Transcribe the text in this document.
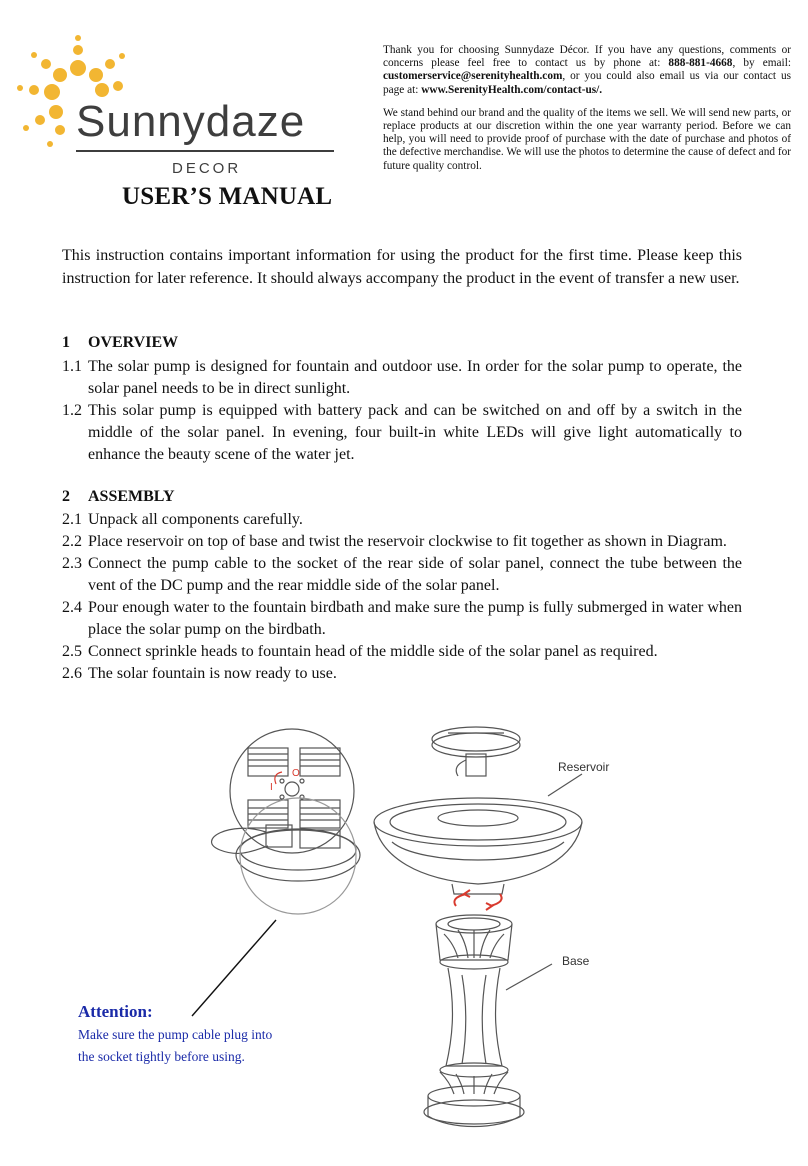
Sunnydaze

DECOR

Thank you for choosing Sunnydaze Décor. If you have any questions, comments or concerns please feel free to contact us by phone at: 888-881-4668, by email: customerservice@serenityhealth.com, or you could also email us via our contact us page at: www.SerenityHealth.com/contact-us/.

We stand behind our brand and the quality of the items we sell. We will send new parts, or replace products at our discretion within the one year warranty period. Before we can help, you will need to provide proof of purchase with the date of purchase and photos of the defective merchandise. We will use the photos to determine the cause of defect and for future quality control.

USER’S MANUAL

This instruction contains important information for using the product for the first time. Please keep this instruction for later reference. It should always accompany the product in the event of transfer a new user.

1 OVERVIEW

1.1 The solar pump is designed for fountain and outdoor use. In order for the solar pump to operate, the solar panel needs to be in direct sunlight.
1.2 This solar pump is equipped with battery pack and can be switched on and off by a switch in the middle of the solar panel. In evening, four built-in white LEDs will give light automatically to enhance the beauty scene of the water jet.

2 ASSEMBLY

2.1 Unpack all components carefully.
2.2 Place reservoir on top of base and twist the reservoir clockwise to fit together as shown in Diagram.
2.3 Connect the pump cable to the socket of the rear side of solar panel, connect the tube between the vent of the DC pump and the rear middle side of the solar panel.
2.4 Pour enough water to the fountain birdbath and make sure the pump is fully submerged in water when place the solar pump on the birdbath.
2.5 Connect sprinkle heads to fountain head of the middle side of the solar panel as required.
2.6 The solar fountain is now ready to use.
O
I
Reservoir
Base

Attention:

Make sure the pump cable plug into
the socket tightly before using.
